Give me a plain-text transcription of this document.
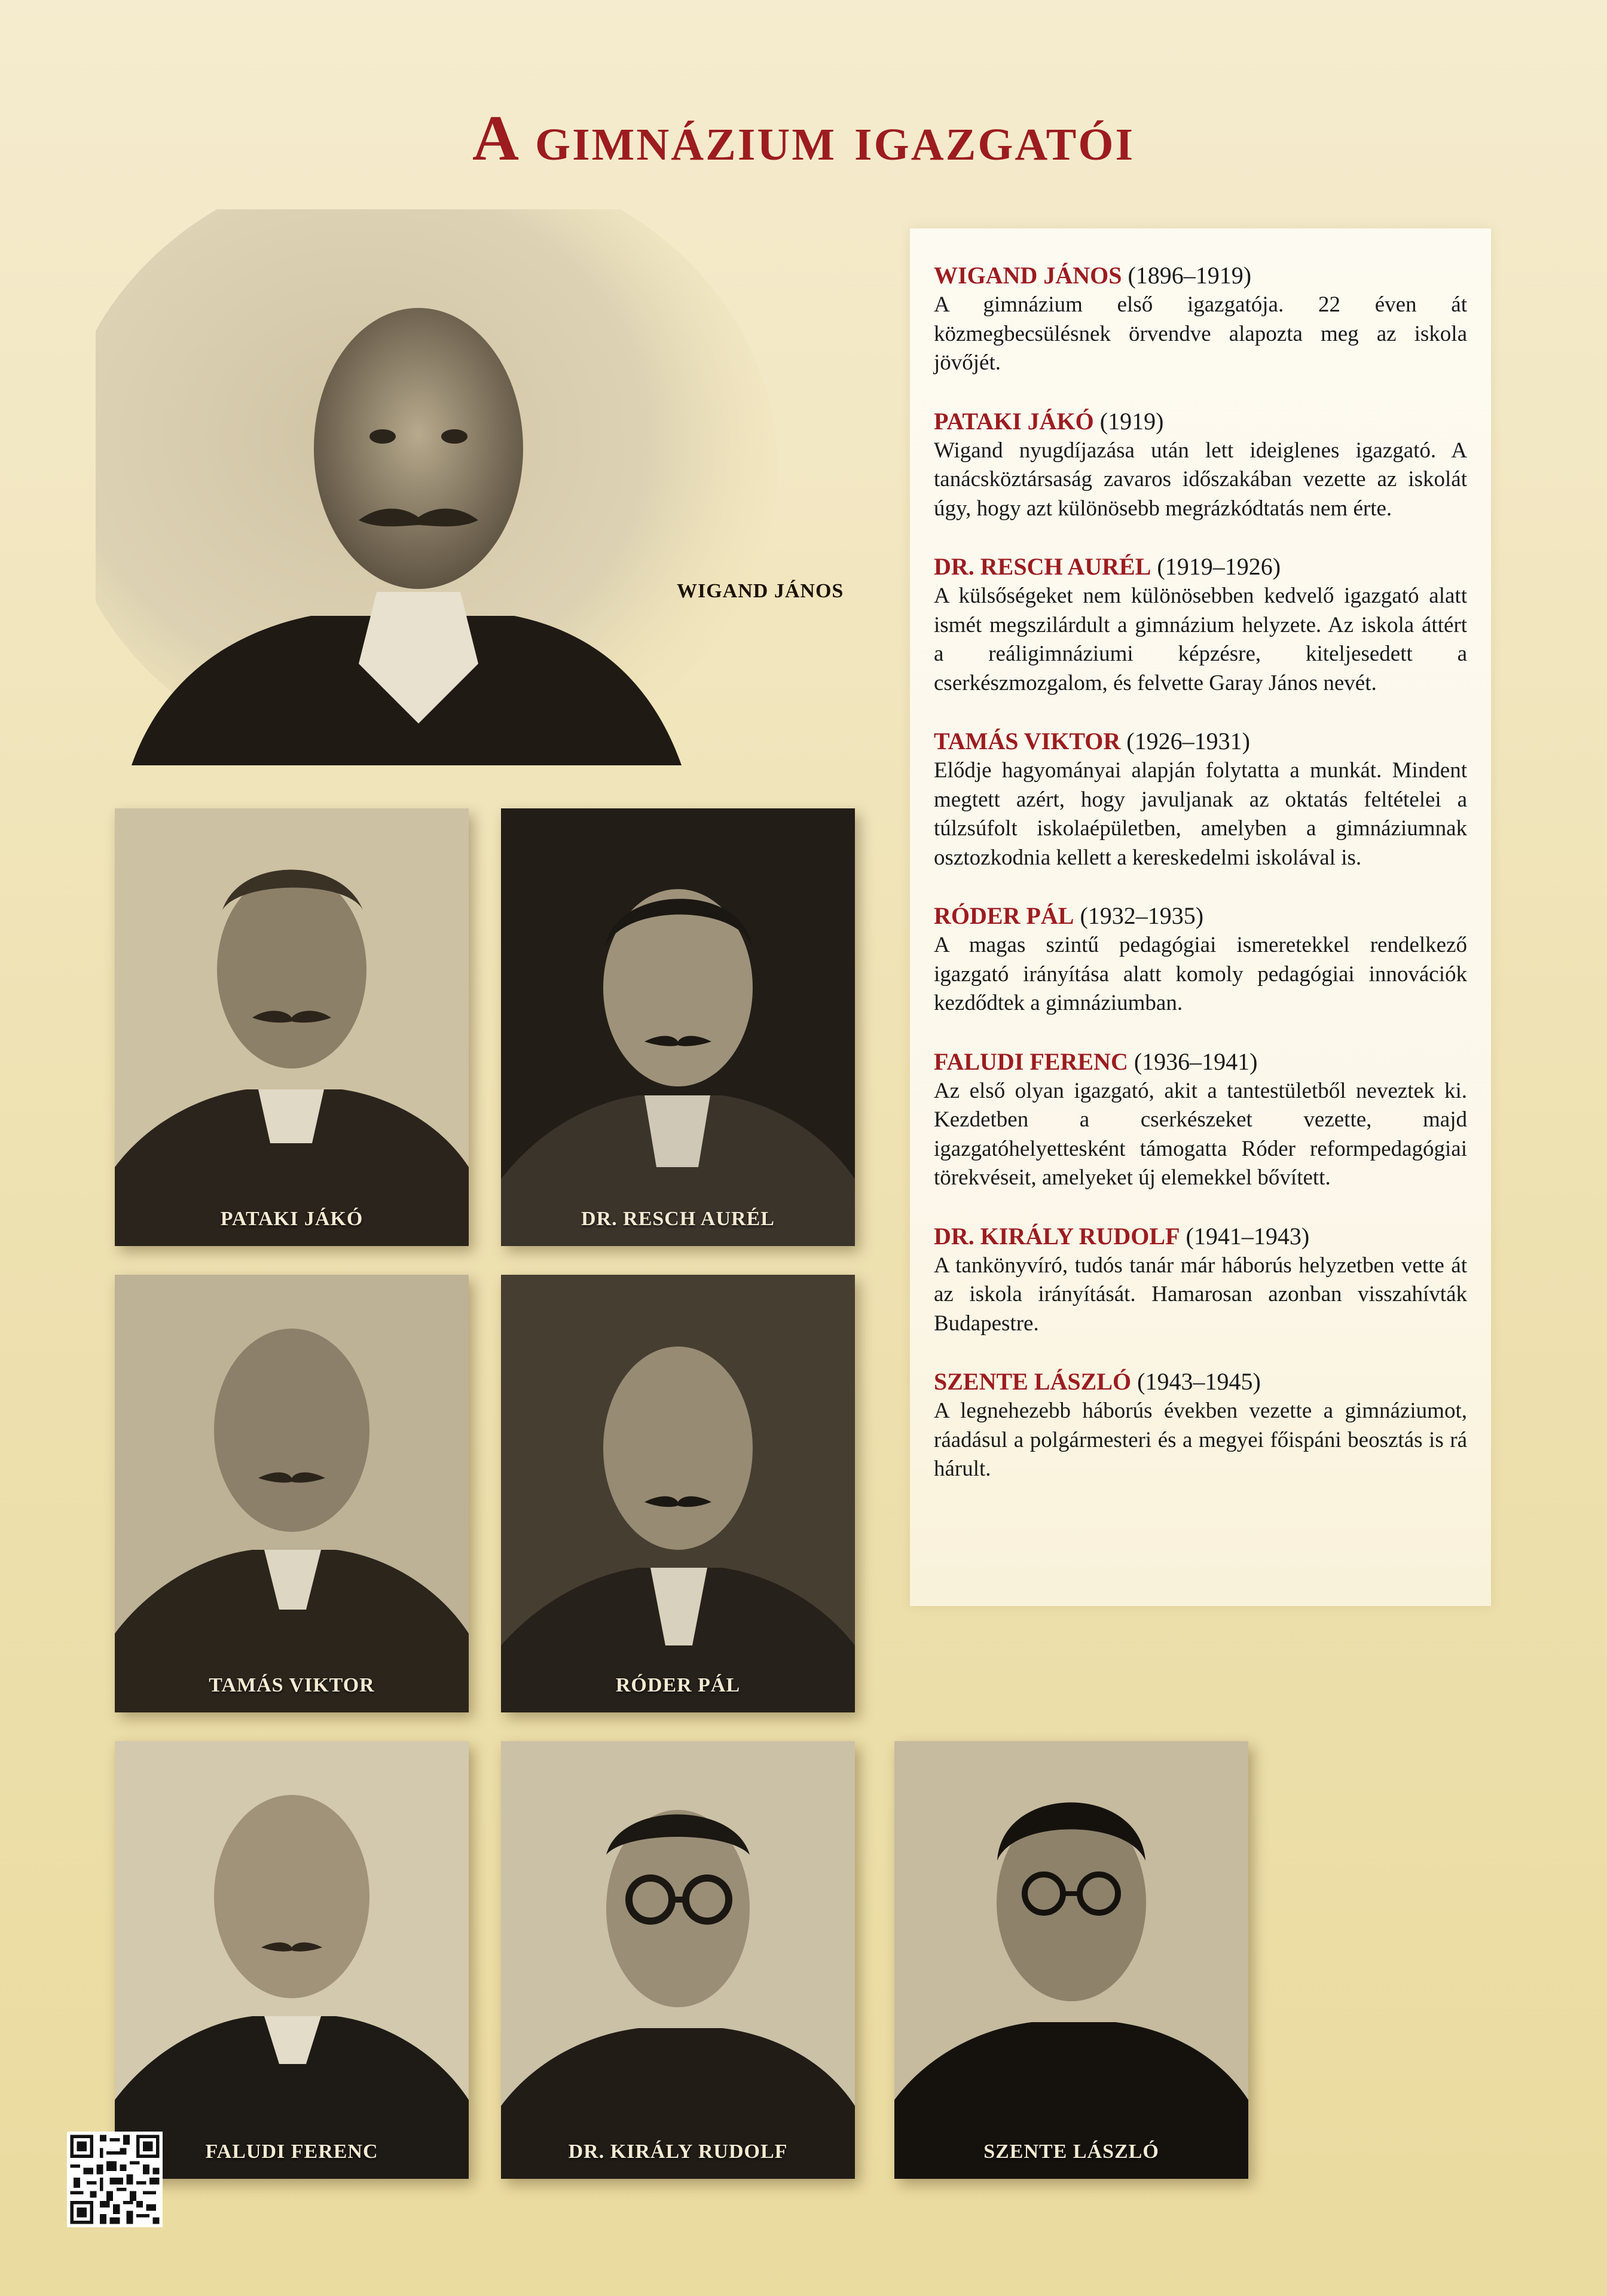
A gimnázium igazgatói
WIGAND JÁNOS
PATAKI JÁKÓ	DR. RESCH AURÉL
TAMÁS VIKTOR	RÓDER PÁL
FALUDI FERENC	DR. KIRÁLY RUDOLF	SZENTE LÁSZLÓ
WIGAND JÁNOS (1896–1919)
A gimnázium első igazgatója. 22 éven át közmegbecsülésnek örvendve alapozta meg az iskola jövőjét.
PATAKI JÁKÓ (1919)
Wigand nyugdíjazása után lett ideiglenes igazgató. A tanácsköztársaság zavaros időszakában vezette az iskolát úgy, hogy azt különösebb megrázkódtatás nem érte.
DR. RESCH AURÉL (1919–1926)
A külsőségeket nem különösebben kedvelő igazgató alatt ismét megszilárdult a gimnázium helyzete. Az iskola áttért a reáligimnáziumi képzésre, kiteljesedett a cserkészmozgalom, és felvette Garay János nevét.
TAMÁS VIKTOR (1926–1931)
Elődje hagyományai alapján folytatta a munkát. Mindent megtett azért, hogy javuljanak az oktatás feltételei a túlzsúfolt iskolaépületben, amelyben a gimnáziumnak osztozkodnia kellett a kereskedelmi iskolával is.
RÓDER PÁL (1932–1935)
A magas szintű pedagógiai ismeretekkel rendelkező igazgató irányítása alatt komoly pedagógiai innovációk kezdődtek a gimnáziumban.
FALUDI FERENC (1936–1941)
Az első olyan igazgató, akit a tantestületből neveztek ki. Kezdetben a cserkészeket vezette, majd igazgatóhelyettesként támogatta Róder reformpedagógiai törekvéseit, amelyeket új elemekkel bővített.
DR. KIRÁLY RUDOLF (1941–1943)
A tankönyvíró, tudós tanár már háborús helyzetben vette át az iskola irányítását. Hamarosan azonban visszahívták Budapestre.
SZENTE LÁSZLÓ (1943–1945)
A legnehezebb háborús években vezette a gimnáziumot, ráadásul a polgármesteri és a megyei főispáni beosztás is rá hárult.
